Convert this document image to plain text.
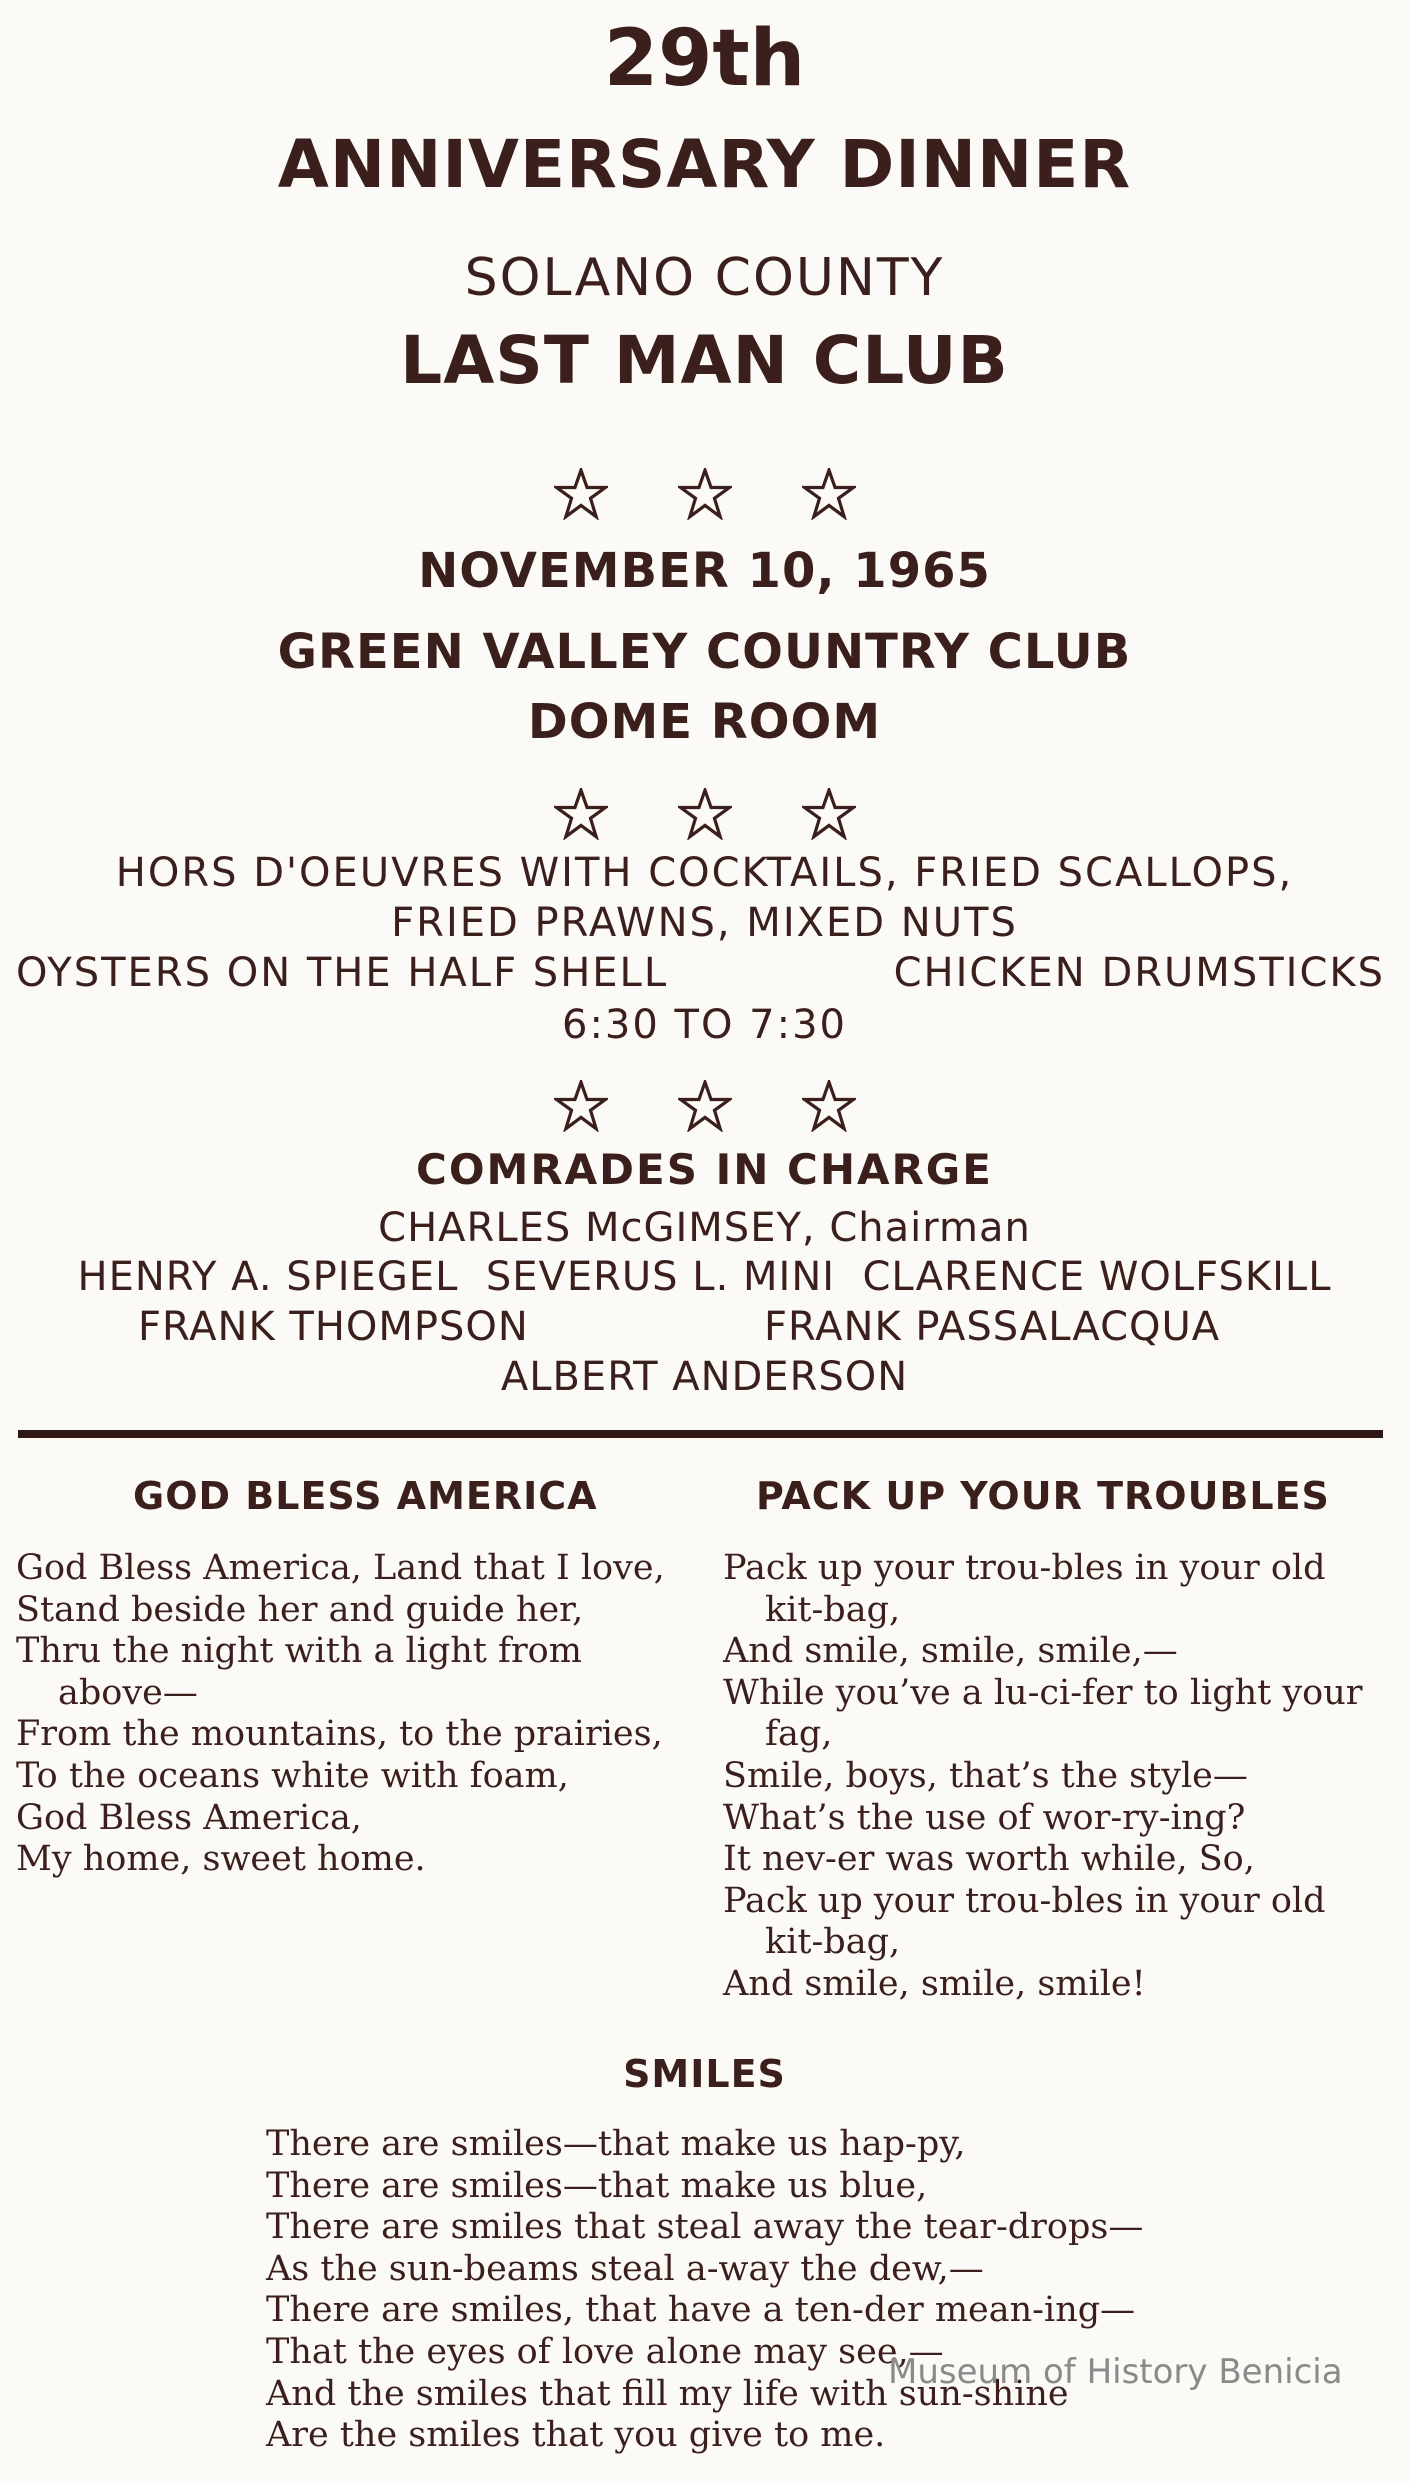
29th
ANNIVERSARY DINNER
SOLANO COUNTY
LAST MAN CLUB
NOVEMBER 10, 1965
GREEN VALLEY COUNTRY CLUB
DOME ROOM
HORS D'OEUVRES WITH COCKTAILS, FRIED SCALLOPS,
FRIED PRAWNS, MIXED NUTS
OYSTERS ON THE HALF SHELL	CHICKEN DRUMSTICKS
6:30 TO 7:30
COMRADES IN CHARGE
CHARLES McGIMSEY, Chairman
HENRY A. SPIEGEL  SEVERUS L. MINI  CLARENCE WOLFSKILL
FRANK THOMPSON	FRANK PASSALACQUA
ALBERT ANDERSON
GOD BLESS AMERICA
God Bless America, Land that I love,
Stand beside her and guide her,
Thru the night with a light from
above—
From the mountains, to the prairies,
To the oceans white with foam,
God Bless America,
My home, sweet home.
PACK UP YOUR TROUBLES
Pack up your trou-bles in your old
kit-bag,
And smile, smile, smile,—
While you’ve a lu-ci-fer to light your
fag,
Smile, boys, that’s the style—
What’s the use of wor-ry-ing?
It nev-er was worth while, So,
Pack up your trou-bles in your old
kit-bag,
And smile, smile, smile!
SMILES
There are smiles—that make us hap-py,
There are smiles—that make us blue,
There are smiles that steal away the tear-drops—
As the sun-beams steal a-way the dew,—
There are smiles, that have a ten-der mean-ing—
That the eyes of love alone may see,—
And the smiles that fill my life with sun-shine
Are the smiles that you give to me.
Museum of History Benicia
